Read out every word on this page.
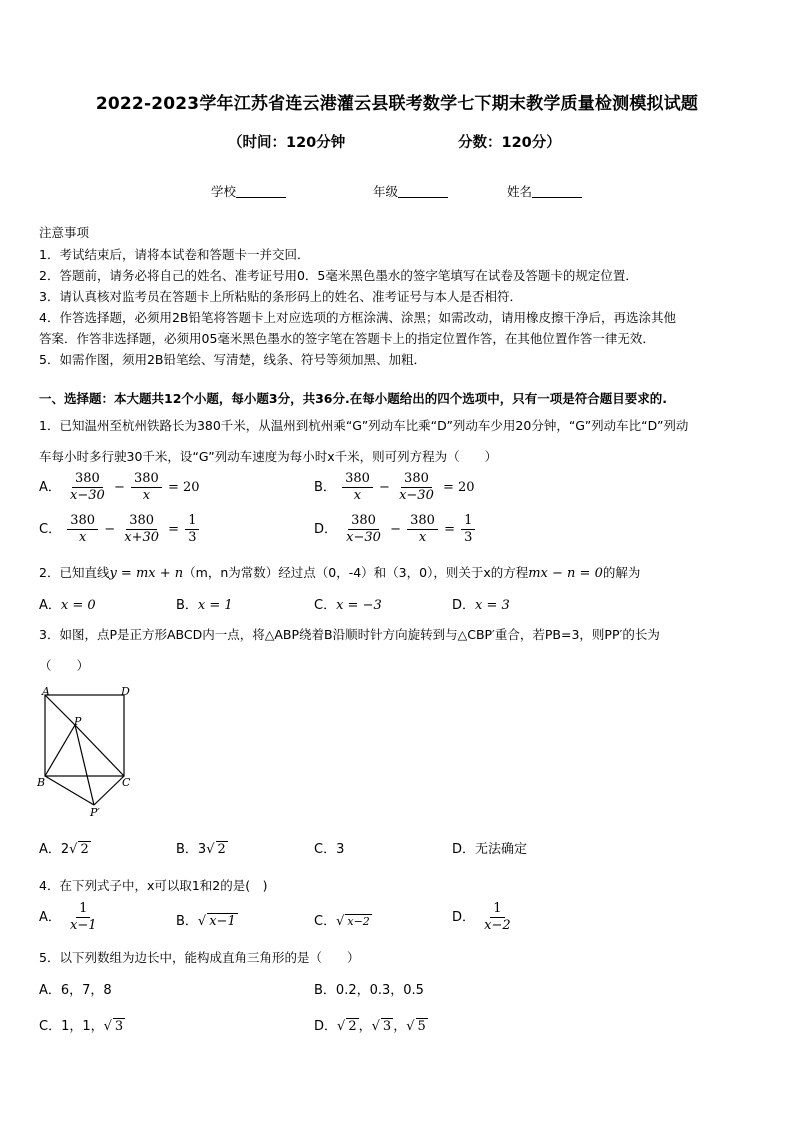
2022-2023学年江苏省连云港灌云县联考数学七下期末教学质量检测模拟试题
（时间：120分钟	分数：120分）
学校	年级	姓名
注意事项
1．考试结束后，请将本试卷和答题卡一并交回．
2．答题前，请务必将自己的姓名、准考证号用0．5毫米黑色墨水的签字笔填写在试卷及答题卡的规定位置．
3．请认真核对监考员在答题卡上所粘贴的条形码上的姓名、准考证号与本人是否相符．
4．作答选择题，必须用2B铅笔将答题卡上对应选项的方框涂满、涂黑；如需改动，请用橡皮擦干净后，再选涂其他
答案．作答非选择题，必须用05毫米黑色墨水的签字笔在答题卡上的指定位置作答，在其他位置作答一律无效．
5．如需作图，须用2B铅笔绘、写清楚，线条、符号等须加黑、加粗．
一、选择题：本大题共12个小题，每小题3分，共36分.在每小题给出的四个选项中，只有一项是符合题目要求的.
1．已知温州至杭州铁路长为380千米，从温州到杭州乘“G”列动车比乘“D”列动车少用20分钟，“G”列动车比“D”列动
车每小时多行驶30千米，设“G”列动车速度为每小时x千米，则可列方程为（　　）
A． $\frac{380}{x-30} - \frac{380}{x} = 20$	B． $\frac{380}{x} - \frac{380}{x-30} = 20$
C． $\frac{380}{x} - \frac{380}{x+30} = \frac{1}{3}$	D． $\frac{380}{x-30} - \frac{380}{x} = \frac{1}{3}$
2．已知直线y = mx + n（m，n为常数）经过点（0，-4）和（3，0），则关于x的方程mx − n = 0的解为
A．x = 0	B．x = 1	C．x = −3	D．x = 3
3．如图，点P是正方形ABCD内一点，将△ABP绕着B沿顺时针方向旋转到与△CBP′重合，若PB=3，则PP′的长为
（　　）
A	D
P
B	C
P′
A．2√ 2	B．3√ 2	C．3	D．无法确定
4．在下列式子中，x可以取1和2的是(　)
A． $\frac{1}{x-1}$	B．√ x−1	C．√ x−2	D． $\frac{1}{x-2}$
5．以下列数组为边长中，能构成直角三角形的是（　　）
A．6，7，8	B．0.2，0.3，0.5
C．1，1，√ 3	D．√ 2 ，√ 3 ，√ 5
